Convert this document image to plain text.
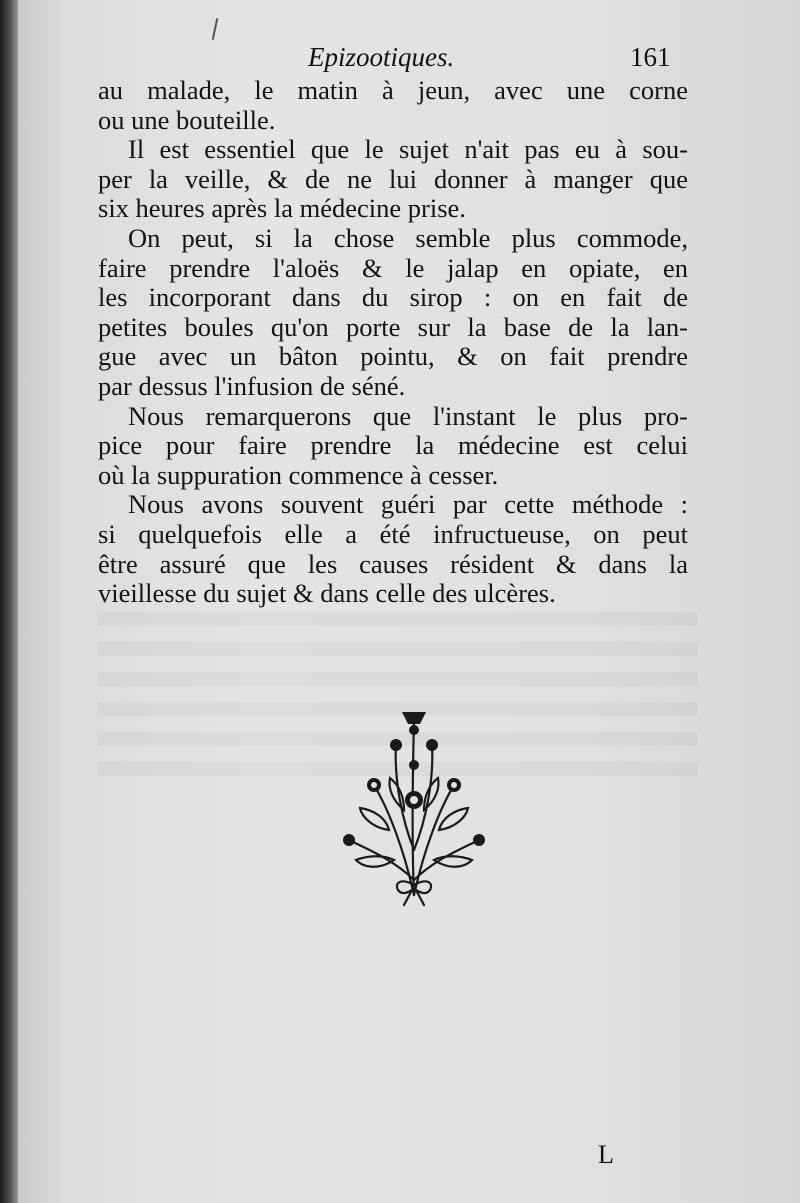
Epizootiques.	161
au malade, le matin à jeun, avec une corne
ou une bouteille.
Il est essentiel que le sujet n'ait pas eu à sou-
per la veille, & de ne lui donner à manger que
six heures après la médecine prise.
On peut, si la chose semble plus commode,
faire prendre l'aloës & le jalap en opiate, en
les incorporant dans du sirop : on en fait de
petites boules qu'on porte sur la base de la lan-
gue avec un bâton pointu, & on fait prendre
par dessus l'infusion de séné.
Nous remarquerons que l'instant le plus pro-
pice pour faire prendre la médecine est celui
où la suppuration commence à cesser.
Nous avons souvent guéri par cette méthode :
si quelquefois elle a été infructueuse, on peut
être assuré que les causes résident & dans la
vieillesse du sujet & dans celle des ulcères.
L
